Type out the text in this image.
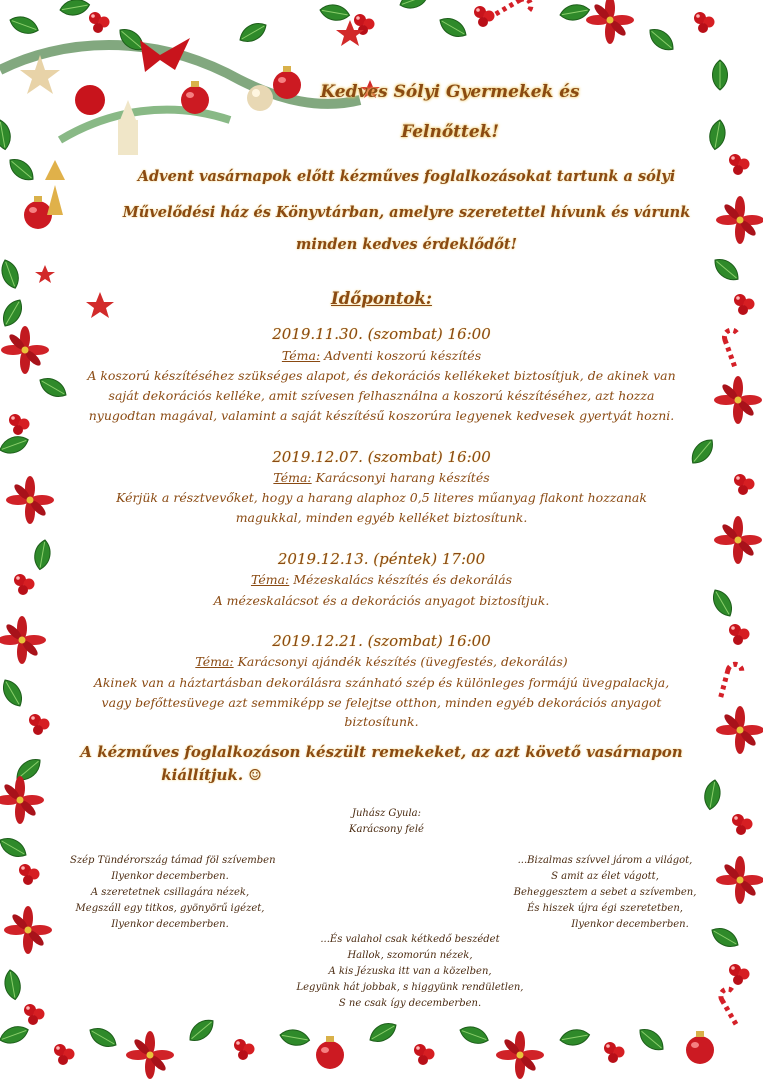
Kedves Sólyi Gyermekek és
Felnőttek!
Advent vasárnapok előtt kézműves foglalkozásokat tartunk a sólyi
Művelődési ház és Könyvtárban, amelyre szeretettel hívunk és várunk
minden kedves érdeklődőt!
Időpontok:
2019.11.30. (szombat) 16:00
Téma: Adventi koszorú készítés
A koszorú készítéséhez szükséges alapot, és dekorációs kellékeket biztosítjuk, de akinek van
saját dekorációs kelléke, amit szívesen felhasználna a koszorú készítéséhez, azt hozza
nyugodtan magával, valamint a saját készítésű koszorúra legyenek kedvesek gyertyát hozni.
2019.12.07. (szombat) 16:00
Téma: Karácsonyi harang készítés
Kérjük a résztvevőket, hogy a harang alaphoz 0,5 literes műanyag flakont hozzanak
magukkal, minden egyéb kelléket biztosítunk.
2019.12.13. (péntek) 17:00
Téma: Mézeskalács készítés és dekorálás
A mézeskalácsot és a dekorációs anyagot biztosítjuk.
2019.12.21. (szombat) 16:00
Téma: Karácsonyi ajándék készítés (üvegfestés, dekorálás)
Akinek van a háztartásban dekorálásra szánható szép és különleges formájú üvegpalackja,
vagy befőttesüvege azt semmiképp se felejtse otthon, minden egyéb dekorációs anyagot
biztosítunk.
A kézműves foglalkozáson készült remekeket, az azt követő vasárnapon
kiállítjuk. ☺
Juhász Gyula:
Karácsony felé
Szép Tündérország támad föl szívemben
Ilyenkor decemberben.
A szeretetnek csillagára nézek,
Megszáll egy titkos, gyönyörű igézet,
Ilyenkor decemberben.
...Bizalmas szívvel járom a világot,
S amit az élet vágott,
Beheggesztem a sebet a szívemben,
És hiszek újra égi szeretetben,
Ilyenkor decemberben.
...És valahol csak kétkedő beszédet
Hallok, szomorún nézek,
A kis Jézuska itt van a közelben,
Legyünk hát jobbak, s higgyünk rendületlen,
S ne csak így decemberben.
